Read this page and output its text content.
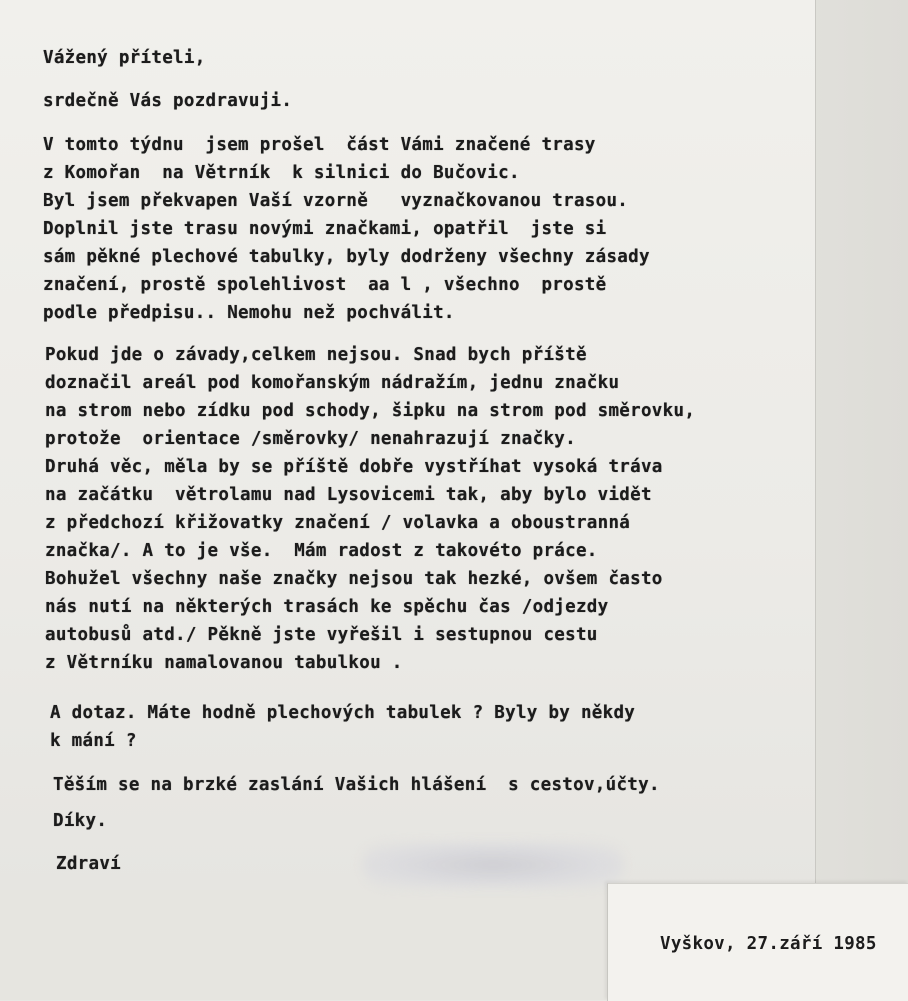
Vážený příteli,
srdečně Vás pozdravuji.
V tomto týdnu  jsem prošel  část Vámi značené trasy
z Komořan  na Větrník  k silnici do Bučovic.
Byl jsem překvapen Vaší vzorně   vyznačkovanou trasou.
Doplnil jste trasu novými značkami, opatřil  jste si
sám pěkné plechové tabulky, byly dodrženy všechny zásady
značení, prostě spolehlivost  aa l , všechno  prostě
podle předpisu.. Nemohu než pochválit.
Pokud jde o závady,celkem nejsou. Snad bych příště
doznačil areál pod komořanským nádražím, jednu značku
na strom nebo zídku pod schody, šipku na strom pod směrovku,
protože  orientace /směrovky/ nenahrazují značky.
Druhá věc, měla by se příště dobře vystříhat vysoká tráva
na začátku  větrolamu nad Lysovicemi tak, aby bylo vidět
z předchozí křižovatky značení / volavka a oboustranná
značka/. A to je vše.  Mám radost z takovéto práce.
Bohužel všechny naše značky nejsou tak hezké, ovšem často
nás nutí na některých trasách ke spěchu čas /odjezdy
autobusů atd./ Pěkně jste vyřešil i sestupnou cestu
z Větrníku namalovanou tabulkou .
A dotaz. Máte hodně plechových tabulek ? Byly by někdy
k mání ?
Těším se na brzké zaslání Vašich hlášení  s cestov,účty.
Díky.
Zdraví
Vyškov, 27.září 1985
